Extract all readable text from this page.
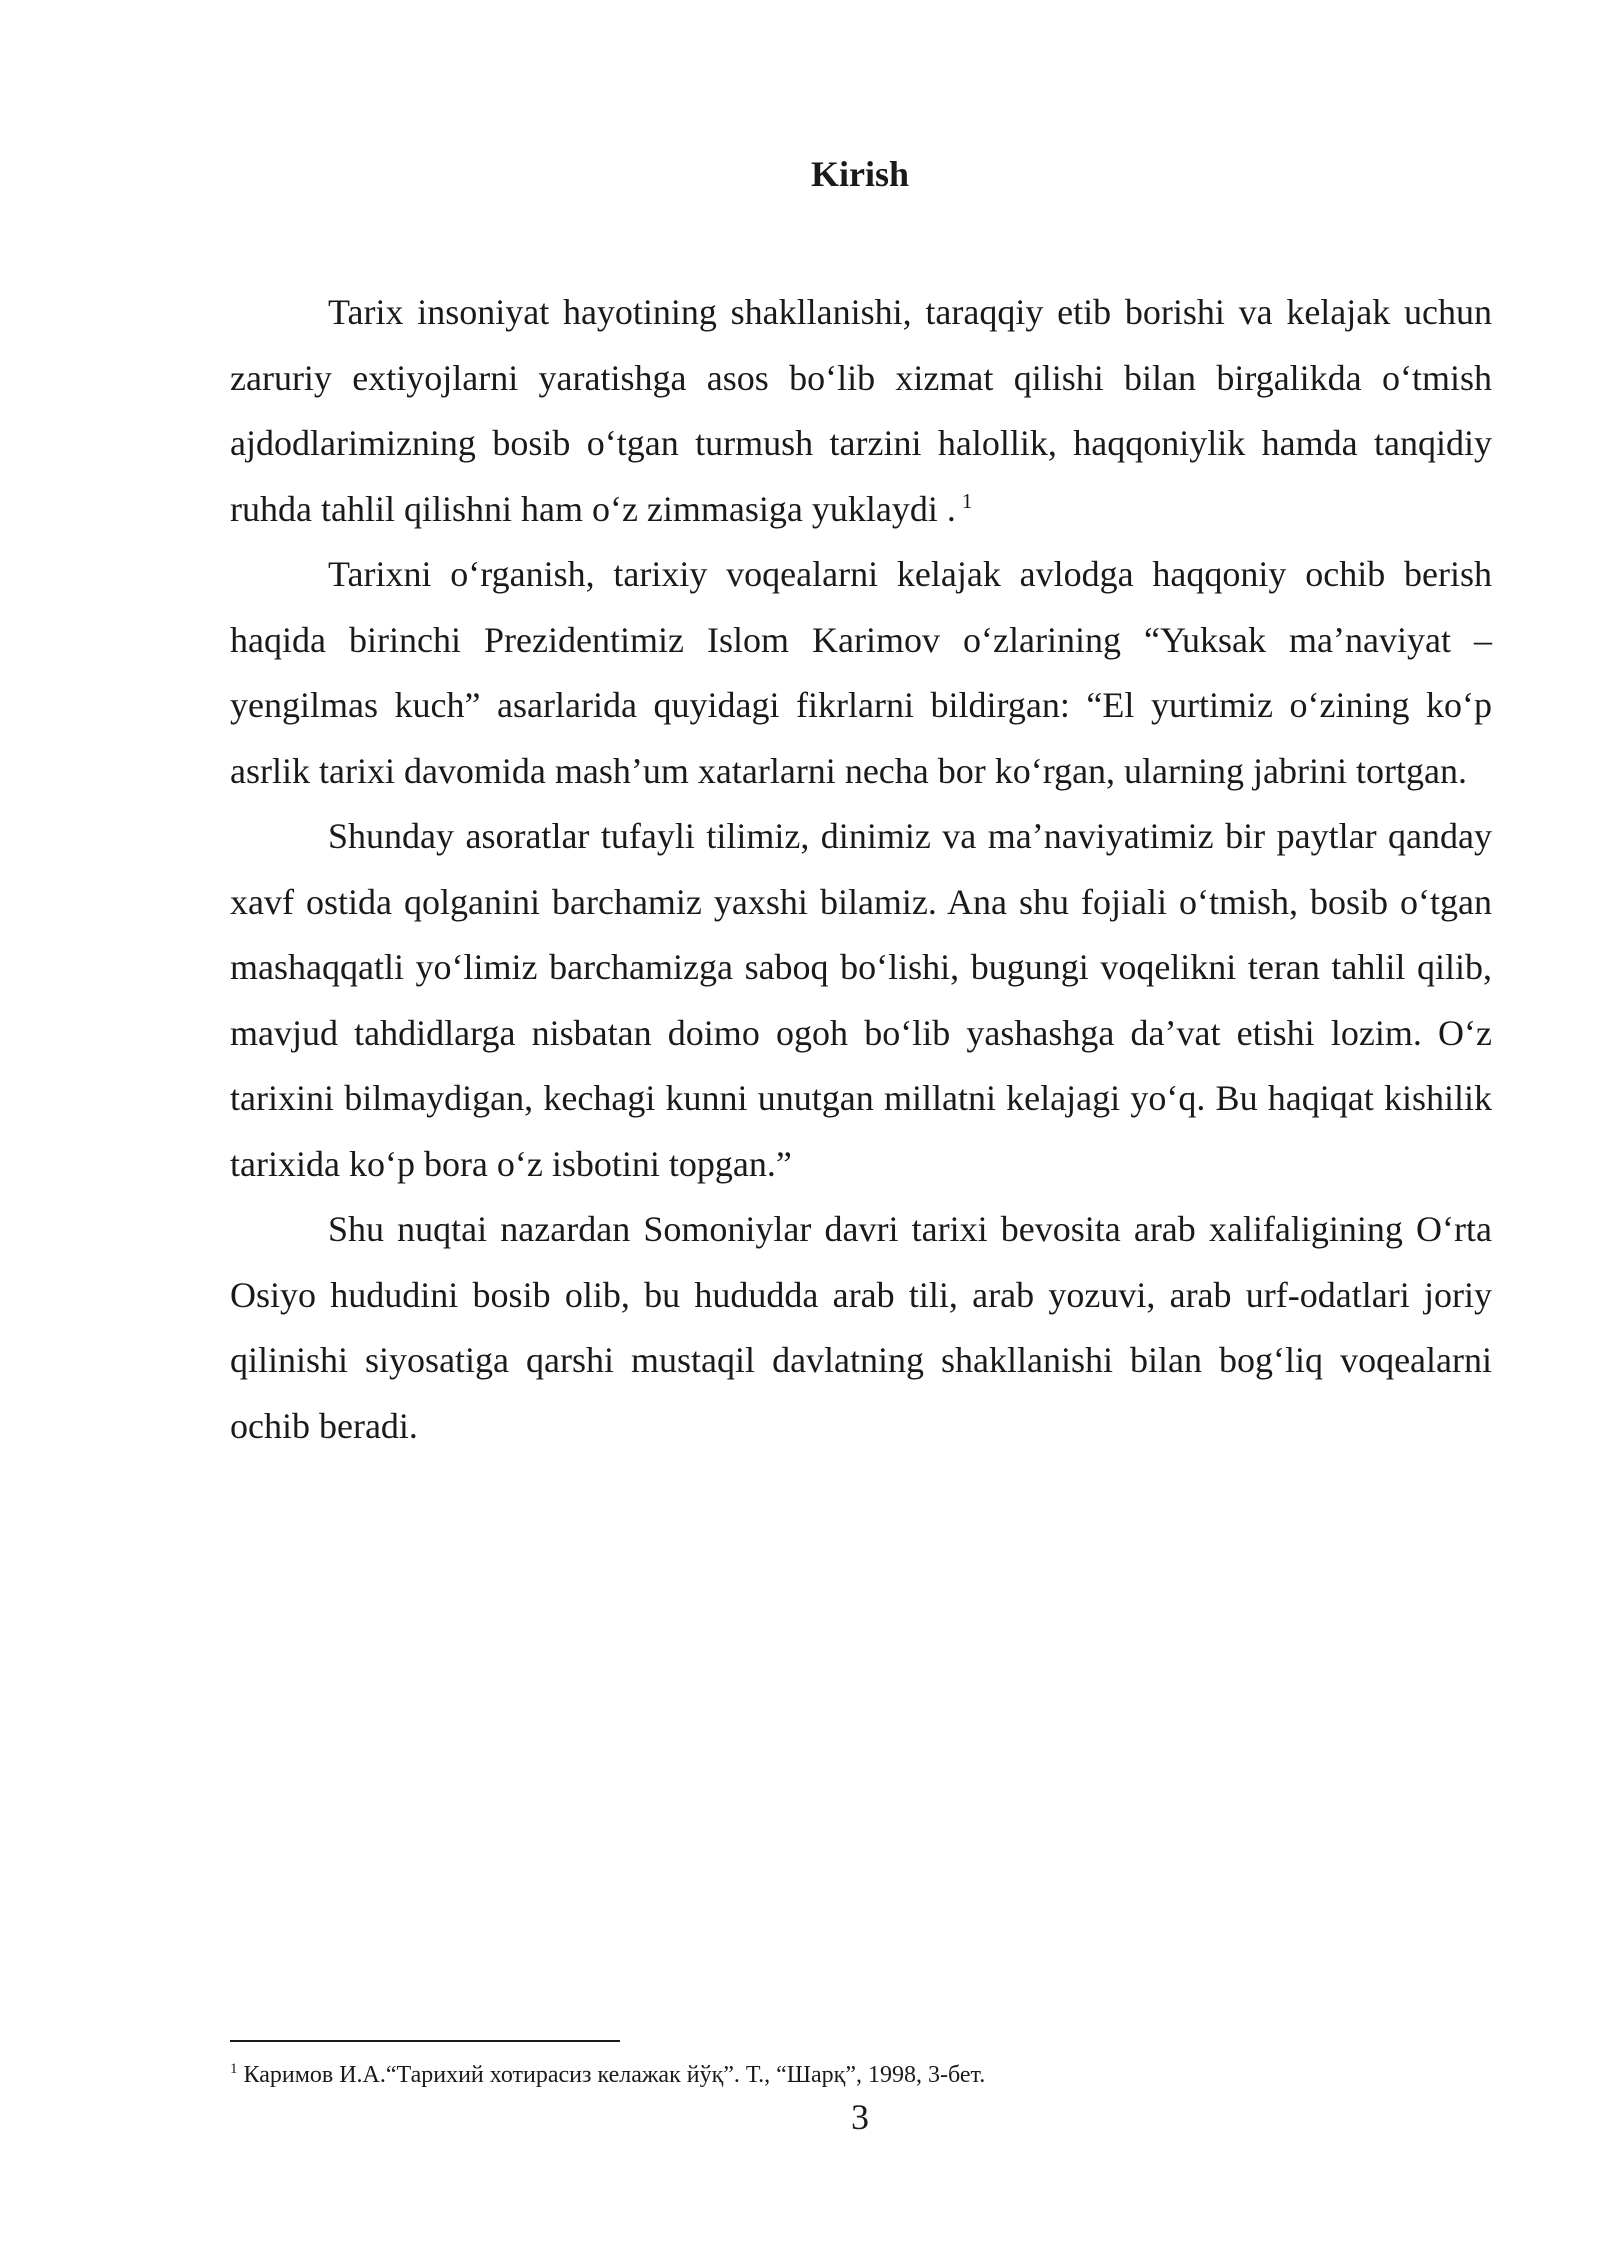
Kirish

Tarix insoniyat hayotining shakllanishi, taraqqiy etib borishi va kelajak uchun zaruriy extiyojlarni yaratishga asos boʻlib xizmat qilishi bilan birgalikda oʻtmish ajdodlarimizning bosib oʻtgan turmush tarzini halollik, haqqoniylik hamda tanqidiy ruhda tahlil qilishni ham oʻz zimmasiga yuklaydi . $^1$

Tarixni oʻrganish, tarixiy voqealarni kelajak avlodga haqqoniy ochib berish haqida birinchi Prezidentimiz Islom Karimov oʻzlarining “Yuksak maʼnaviyat – yengilmas kuch” asarlarida quyidagi fikrlarni bildirgan: “El yurtimiz oʻzining koʻp asrlik tarixi davomida mashʼum xatarlarni necha bor koʻrgan, ularning jabrini tortgan.

Shunday asoratlar tufayli tilimiz, dinimiz va maʼnaviyatimiz bir paytlar qanday xavf ostida qolganini barchamiz yaxshi bilamiz. Ana shu fojiali oʻtmish, bosib oʻtgan mashaqqatli yoʻlimiz barchamizga saboq boʻlishi, bugungi voqelikni teran tahlil qilib, mavjud tahdidlarga nisbatan doimo ogoh boʻlib yashashga daʼvat etishi lozim. Oʻz tarixini bilmaydigan, kechagi kunni unutgan millatni kelajagi yoʻq. Bu haqiqat kishilik tarixida koʻp bora oʻz isbotini topgan.”

Shu nuqtai nazardan Somoniylar davri tarixi bevosita arab xalifaligining Oʻrta Osiyo hududini bosib olib, bu hududda arab tili, arab yozuvi, arab urf-odatlari joriy qilinishi siyosatiga qarshi mustaqil davlatning shakllanishi bilan bogʻliq voqealarni ochib beradi.

$^1$ Каримов И.А.“Тарихий хотирасиз келажак йўқ”. Т., “Шарқ”, 1998, 3-бет.
3
